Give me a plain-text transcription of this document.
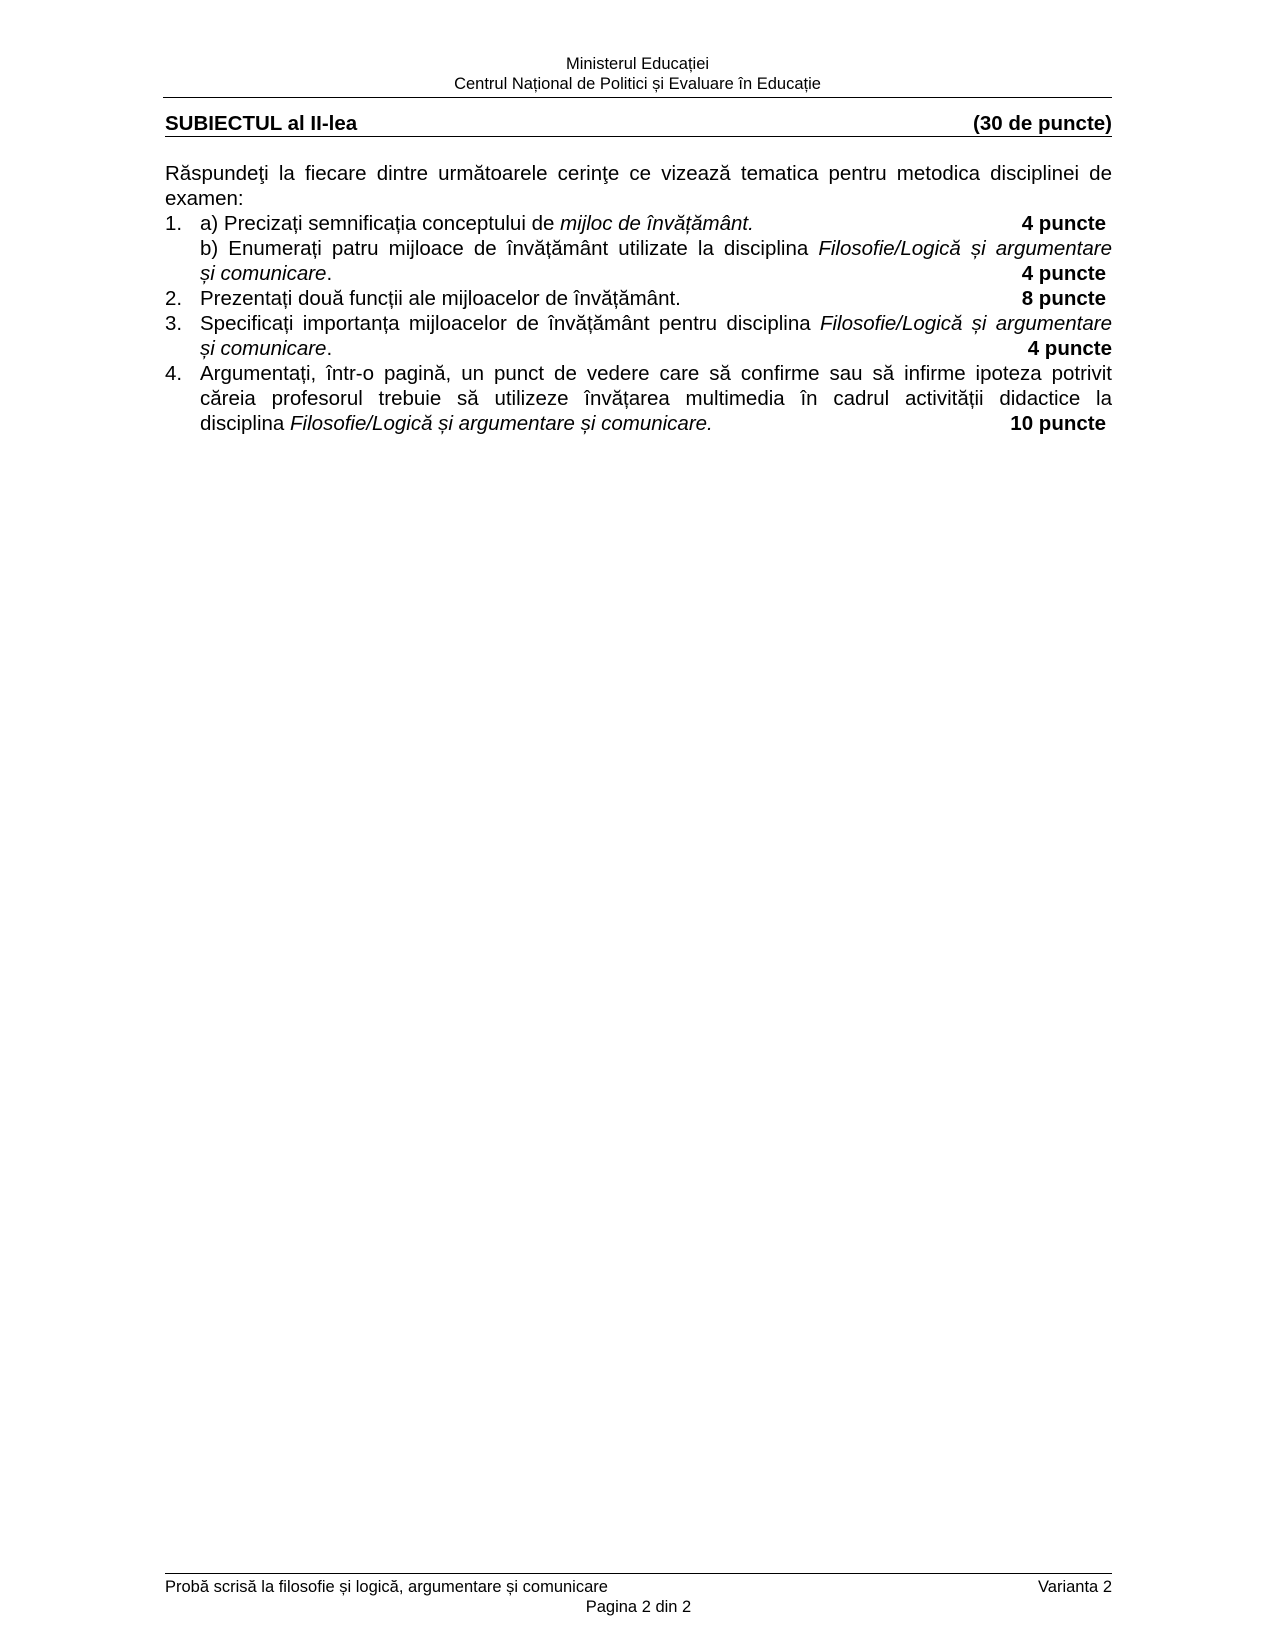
Ministerul Educației
Centrul Național de Politici și Evaluare în Educație
SUBIECTUL al II-lea	(30 de puncte)

Răspundeţi la fiecare dintre următoarele cerinţe ce vizează tematica pentru metodica disciplinei de examen:

1. a) Precizați semnificația conceptului de mijloc de învățământ.	4 puncte
b) Enumerați patru mijloace de învățământ utilizate la disciplina Filosofie/Logică și argumentare
și comunicare.	4 puncte
2. Prezentați două funcții ale mijloacelor de învățământ.	8 puncte
3. Specificați importanța mijloacelor de învățământ pentru disciplina Filosofie/Logică și argumentare
și comunicare.	4 puncte
4. Argumentați, într-o pagină, un punct de vedere care să confirme sau să infirme ipoteza potrivit
căreia profesorul trebuie să utilizeze învățarea multimedia în cadrul activității didactice la
disciplina Filosofie/Logică și argumentare și comunicare.	10 puncte
Probă scrisă la filosofie și logică, argumentare și comunicare	Varianta 2
Pagina 2 din 2
